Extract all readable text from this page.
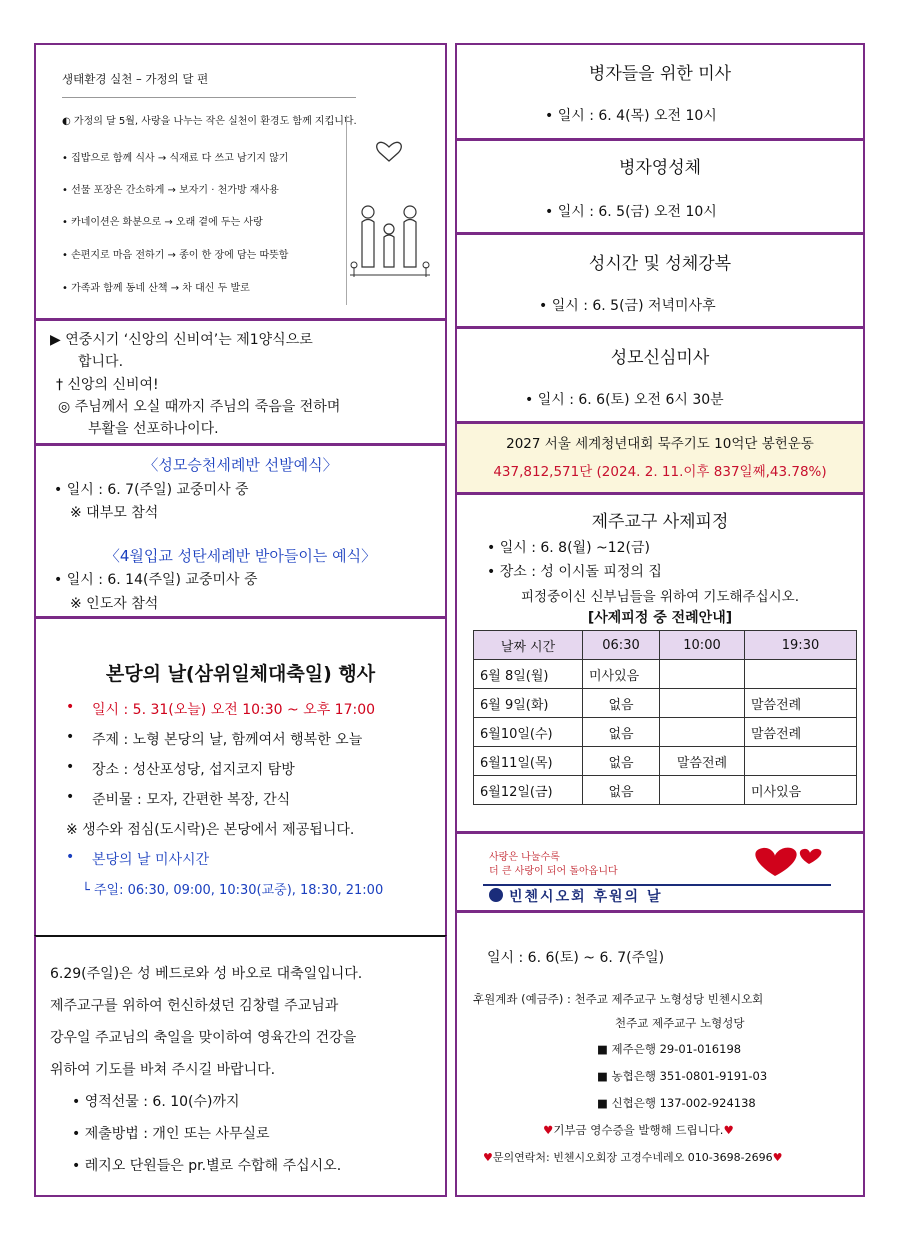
생태환경 실천 – 가정의 달 편
◐ 가정의 달 5월, 사랑을 나누는 작은 실천이 환경도 함께 지킵니다.
• 집밥으로 함께 식사 → 식재료 다 쓰고 남기지 않기
• 선물 포장은 간소하게 → 보자기 · 천가방 재사용
• 카네이션은 화분으로 → 오래 곁에 두는 사랑
• 손편지로 마음 전하기 → 종이 한 장에 담는 따뜻함
• 가족과 함께 동네 산책 → 차 대신 두 발로
▶ 연중시기 ‘신앙의 신비여’는 제1양식으로
합니다.
† 신앙의 신비여!
◎ 주님께서 오실 때까지 주님의 죽음을 전하며
부활을 선포하나이다.
〈성모승천세례반 선발예식〉
• 일시 : 6. 7(주일) 교중미사 중
※ 대부모 참석
〈4월입교 성탄세례반 받아들이는 예식〉
• 일시 : 6. 14(주일) 교중미사 중
※ 인도자 참석
본당의 날(삼위일체대축일) 행사
• 일시 : 5. 31(오늘) 오전 10:30 ~ 오후 17:00
• 주제 : 노형 본당의 날, 함께여서 행복한 오늘
• 장소 : 성산포성당, 섭지코지 탐방
• 준비물 : 모자, 간편한 복장, 간식
※ 생수와 점심(도시락)은 본당에서 제공됩니다.
• 본당의 날 미사시간
└ 주일: 06:30, 09:00, 10:30(교중), 18:30, 21:00
6.29(주일)은 성 베드로와 성 바오로 대축일입니다.
제주교구를 위하여 헌신하셨던 김창렬 주교님과
강우일 주교님의 축일을 맞이하여 영육간의 건강을
위하여 기도를 바쳐 주시길 바랍니다.
• 영적선물 : 6. 10(수)까지
• 제출방법 : 개인 또는 사무실로
• 레지오 단원들은 pr.별로 수합해 주십시오.
병자들을 위한 미사
• 일시 : 6. 4(목) 오전 10시
병자영성체
• 일시 : 6. 5(금) 오전 10시
성시간 및 성체강복
• 일시 : 6. 5(금) 저녁미사후
성모신심미사
• 일시 : 6. 6(토) 오전 6시 30분
2027 서울 세계청년대회 묵주기도 10억단 봉헌운동
437,812,571단 (2024. 2. 11.이후 837일째,43.78%)
제주교구 사제피정
• 일시 : 6. 8(월) ~12(금)
• 장소 : 성 이시돌 피정의 집
피정중이신 신부님들을 위하여 기도해주십시오.
[사제피정 중 전례안내]
날짜 시간	06:30	10:00	19:30
6월 8일(월)	미사있음		
6월 9일(화)	없음		말씀전례
6월10일(수)	없음		말씀전례
6월11일(목)	없음	말씀전례	
6월12일(금)	없음		미사있음
사랑은 나눌수록
더 큰 사랑이 되어 돌아옵니다
빈첸시오회 후원의 날
일시 : 6. 6(토) ~ 6. 7(주일)
후원계좌 (예금주) : 천주교 제주교구 노형성당 빈첸시오회
천주교 제주교구 노형성당
■ 제주은행 29-01-016198
■ 농협은행 351-0801-9191-03
■ 신협은행 137-002-924138
♥기부금 영수증을 발행해 드립니다.♥
♥문의연락처: 빈첸시오회장 고경수네레오 010-3698-2696♥
